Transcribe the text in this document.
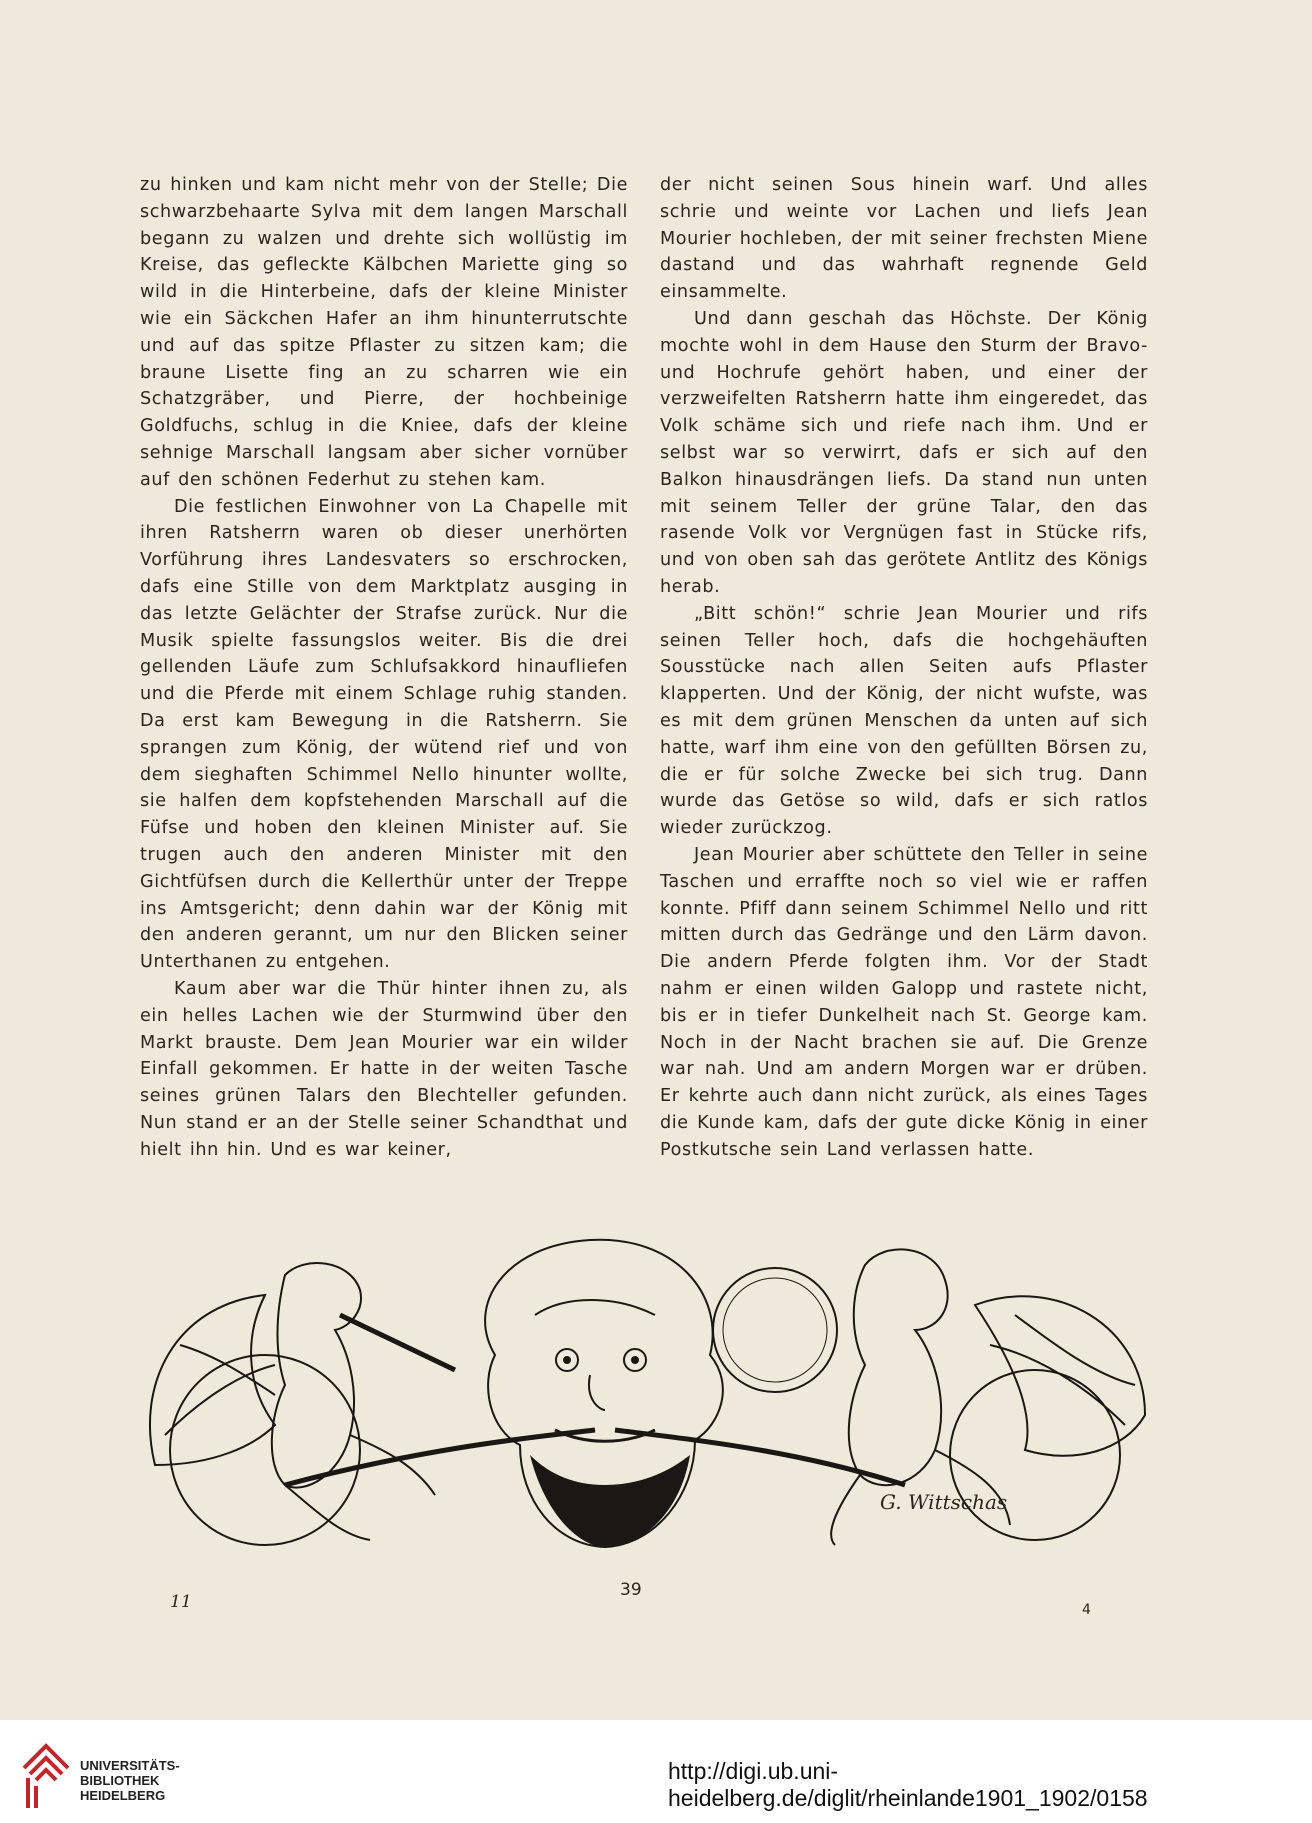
zu hinken und kam nicht mehr von der Stelle; Die schwarzbehaarte Sylva mit dem langen Marschall begann zu walzen und drehte sich wollüstig im Kreise, das gefleckte Kälbchen Mariette ging so wild in die Hinterbeine, dafs der kleine Minister wie ein Säckchen Hafer an ihm hinunterrutschte und auf das spitze Pflaster zu sitzen kam; die braune Lisette fing an zu scharren wie ein Schatzgräber, und Pierre, der hochbeinige Goldfuchs, schlug in die Kniee, dafs der kleine sehnige Marschall langsam aber sicher vornüber auf den schönen Federhut zu stehen kam.

Die festlichen Einwohner von La Chapelle mit ihren Ratsherrn waren ob dieser unerhörten Vorführung ihres Landesvaters so erschrocken, dafs eine Stille von dem Marktplatz ausging in das letzte Gelächter der Strafse zurück. Nur die Musik spielte fassungslos weiter. Bis die drei gellenden Läufe zum Schlufsakkord hinaufliefen und die Pferde mit einem Schlage ruhig standen. Da erst kam Bewegung in die Ratsherrn. Sie sprangen zum König, der wütend rief und von dem sieghaften Schimmel Nello hinunter wollte, sie halfen dem kopfstehenden Marschall auf die Füfse und hoben den kleinen Minister auf. Sie trugen auch den anderen Minister mit den Gichtfüfsen durch die Kellerthür unter der Treppe ins Amtsgericht; denn dahin war der König mit den anderen gerannt, um nur den Blicken seiner Unterthanen zu entgehen.

Kaum aber war die Thür hinter ihnen zu, als ein helles Lachen wie der Sturmwind über den Markt brauste. Dem Jean Mourier war ein wilder Einfall gekommen. Er hatte in der weiten Tasche seines grünen Talars den Blechteller gefunden. Nun stand er an der Stelle seiner Schandthat und hielt ihn hin. Und es war keiner,

der nicht seinen Sous hinein warf. Und alles schrie und weinte vor Lachen und liefs Jean Mourier hochleben, der mit seiner frechsten Miene dastand und das wahrhaft regnende Geld einsammelte.

Und dann geschah das Höchste. Der König mochte wohl in dem Hause den Sturm der Bravo- und Hochrufe gehört haben, und einer der verzweifelten Ratsherrn hatte ihm eingeredet, das Volk schäme sich und riefe nach ihm. Und er selbst war so verwirrt, dafs er sich auf den Balkon hinausdrängen liefs. Da stand nun unten mit seinem Teller der grüne Talar, den das rasende Volk vor Vergnügen fast in Stücke rifs, und von oben sah das gerötete Antlitz des Königs herab.

„Bitt schön!“ schrie Jean Mourier und rifs seinen Teller hoch, dafs die hochgehäuften Sousstücke nach allen Seiten aufs Pflaster klapperten. Und der König, der nicht wufste, was es mit dem grünen Menschen da unten auf sich hatte, warf ihm eine von den gefüllten Börsen zu, die er für solche Zwecke bei sich trug. Dann wurde das Getöse so wild, dafs er sich ratlos wieder zurückzog.

Jean Mourier aber schüttete den Teller in seine Taschen und erraffte noch so viel wie er raffen konnte. Pfiff dann seinem Schimmel Nello und ritt mitten durch das Gedränge und den Lärm davon. Die andern Pferde folgten ihm. Vor der Stadt nahm er einen wilden Galopp und rastete nicht, bis er in tiefer Dunkelheit nach St. George kam. Noch in der Nacht brachen sie auf. Die Grenze war nah. Und am andern Morgen war er drüben. Er kehrte auch dann nicht zurück, als eines Tages die Kunde kam, dafs der gute dicke König in einer Postkutsche sein Land verlassen hatte.

G. Wittschas
39
11	4
UNIVERSITÄTS-
BIBLIOTHEK
HEIDELBERG
http://digi.ub.uni-heidelberg.de/diglit/rheinlande1901_1902/0158
